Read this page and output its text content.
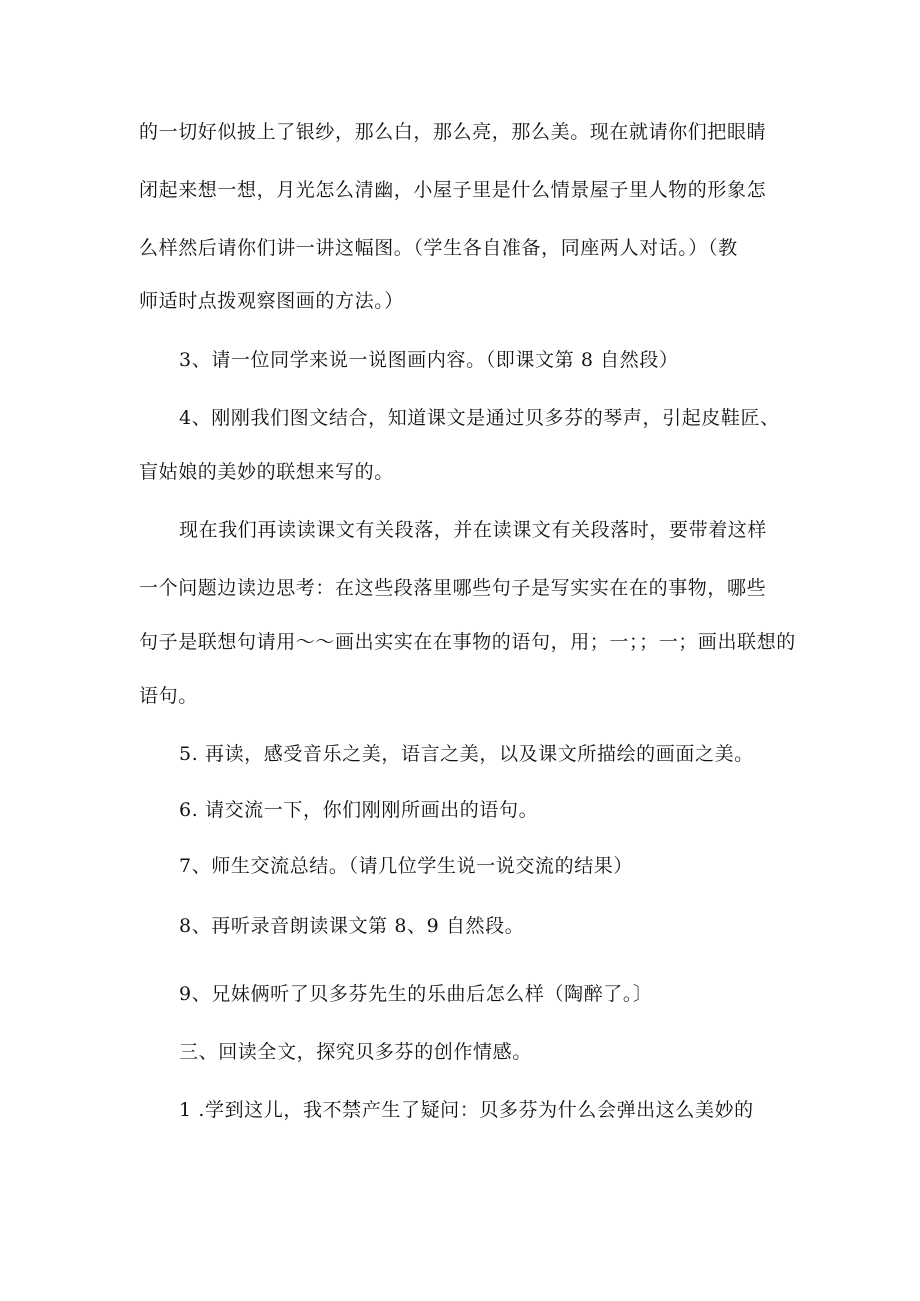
的一切好似披上了银纱，那么白，那么亮，那么美。现在就请你们把眼睛
闭起来想一想，月光怎么清幽，小屋子里是什么情景屋子里人物的形象怎
么样然后请你们讲一讲这幅图。（学生各自准备，同座两人对话。）（教
师适时点拨观察图画的方法。）
3、请一位同学来说一说图画内容。（即课文第 8 自然段）
4、刚刚我们图文结合，知道课文是通过贝多芬的琴声，引起皮鞋匠、
盲姑娘的美妙的联想来写的。
现在我们再读读课文有关段落，并在读课文有关段落时，要带着这样
一个问题边读边思考：在这些段落里哪些句子是写实实在在的事物，哪些
句子是联想句请用～～画出实实在在事物的语句，用；一；；一；画出联想的
语句。
5. 再读，感受音乐之美，语言之美，以及课文所描绘的画面之美。
6. 请交流一下，你们刚刚所画出的语句。
7、师生交流总结。（请几位学生说一说交流的结果）
8、再听录音朗读课文第 8、9 自然段。
9、兄妹俩听了贝多芬先生的乐曲后怎么样（陶醉了。〕
三、回读全文，探究贝多芬的创作情感。
1 .学到这儿，我不禁产生了疑问：贝多芬为什么会弹出这么美妙的
